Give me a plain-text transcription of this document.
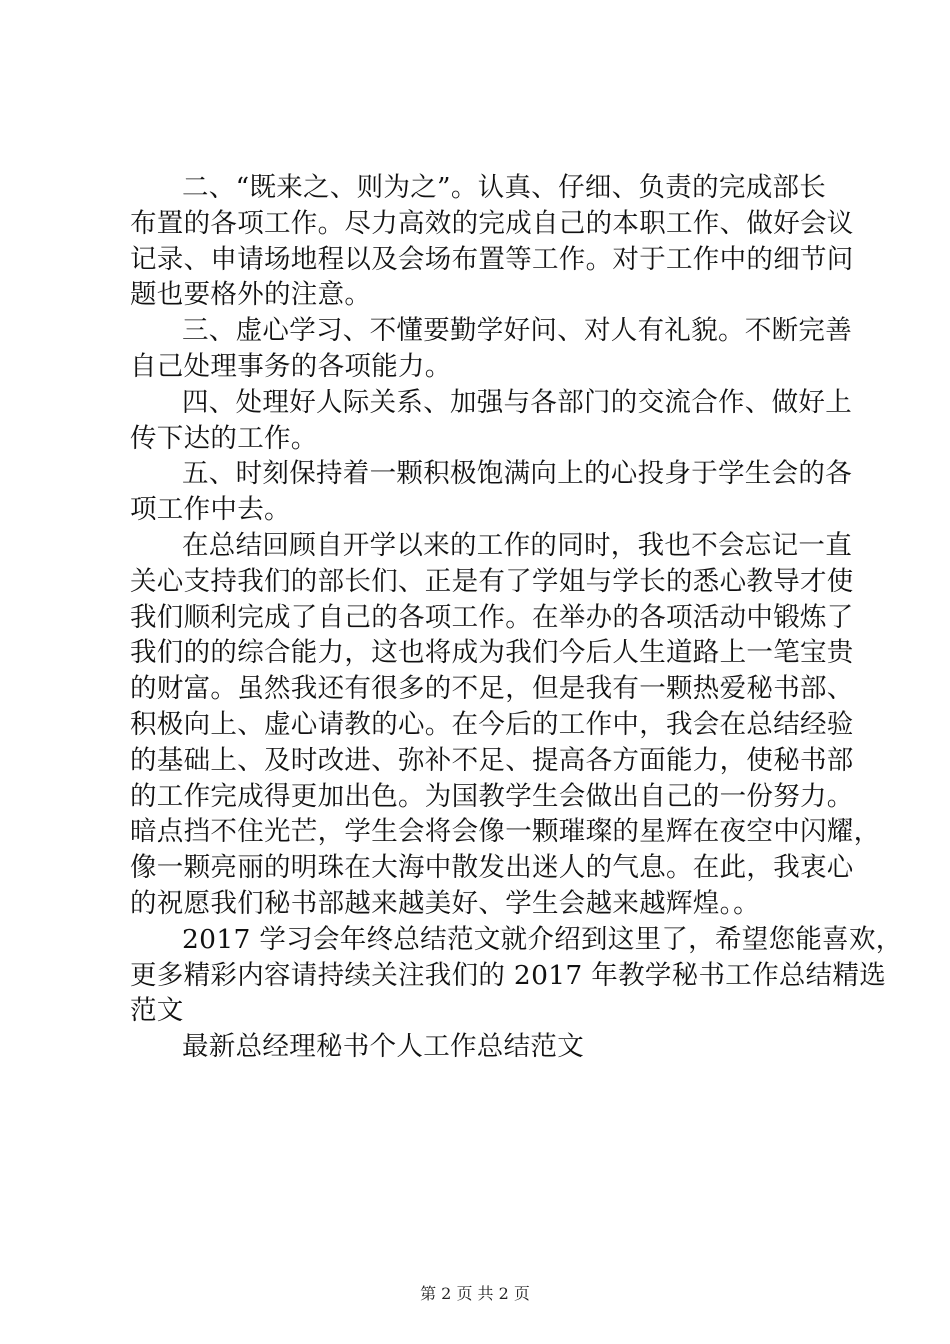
二、“既来之、则为之”。认真、仔细、负责的完成部长
布置的各项工作。尽力高效的完成自己的本职工作、做好会议
记录、申请场地程以及会场布置等工作。对于工作中的细节问
题也要格外的注意。
三、虚心学习、不懂要勤学好问、对人有礼貌。不断完善
自己处理事务的各项能力。
四、处理好人际关系、加强与各部门的交流合作、做好上
传下达的工作。
五、时刻保持着一颗积极饱满向上的心投身于学生会的各
项工作中去。
在总结回顾自开学以来的工作的同时，我也不会忘记一直
关心支持我们的部长们、正是有了学姐与学长的悉心教导才使
我们顺利完成了自己的各项工作。在举办的各项活动中锻炼了
我们的的综合能力，这也将成为我们今后人生道路上一笔宝贵
的财富。虽然我还有很多的不足，但是我有一颗热爱秘书部、
积极向上、虚心请教的心。在今后的工作中，我会在总结经验
的基础上、及时改进、弥补不足、提高各方面能力，使秘书部
的工作完成得更加出色。为国教学生会做出自己的一份努力。
暗点挡不住光芒，学生会将会像一颗璀璨的星辉在夜空中闪耀，
像一颗亮丽的明珠在大海中散发出迷人的气息。在此，我衷心
的祝愿我们秘书部越来越美好、学生会越来越辉煌。。
2017 学习会年终总结范文就介绍到这里了，希望您能喜欢，
更多精彩内容请持续关注我们的 2017 年教学秘书工作总结精选
范文
最新总经理秘书个人工作总结范文
第 2 页 共 2 页
